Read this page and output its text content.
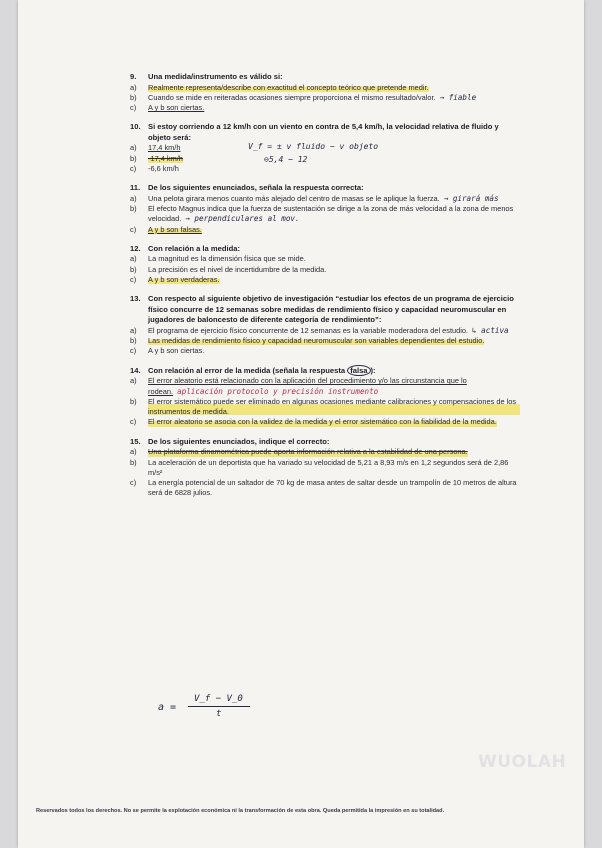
9.	Una medida/instrumento es válido si:
a)	Realmente representa/describe con exactitud el concepto teórico que pretende medir.
b)	Cuando se mide en reiteradas ocasiones siempre proporciona el mismo resultado/valor. → fiable
c)	A y b son ciertas.
10. Si estoy corriendo a 12 km/h con un viento en contra de 5,4 km/h, la velocidad relativa de fluido y objeto será:
a)	17,4 km/h
b)	-17,4 km/h
c)	-6,6 km/h
V_f = ± v fluido − v objeto
⊖5,4 − 12
11.	De los siguientes enunciados, señala la respuesta correcta:
a)	Una pelota girara menos cuanto más alejado del centro de masas se le aplique la fuerza. → girará más
b)	El efecto Magnus indica que la fuerza de sustentación se dirige a la zona de más velocidad a la zona de menos velocidad. → perpendiculares al mov.
c)	A y b son falsas.
12. Con relación a la medida:
a)	La magnitud es la dimensión física que se mide.
b)	La precisión es el nivel de incertidumbre de la medida.
c)	A y b son verdaderas.
13. Con respecto al siguiente objetivo de investigación “estudiar los efectos de un programa de ejercicio físico concurre de 12 semanas sobre medidas de rendimiento físico y capacidad neuromuscular en jugadores de baloncesto de diferente categoría de rendimiento”:
a)	El programa de ejercicio físico concurrente de 12 semanas es la variable moderadora del estudio. ↳ activa
b)	Las medidas de rendimiento físico y capacidad neuromuscular son variables dependientes del estudio.
c)	A y b son ciertas.
14. Con relación al error de la medida (señala la respuesta falsa ):
a)	El error aleatorio está relacionado con la aplicación del procedimiento y/o las circunstancia que lo rodean. aplicación protocolo y precisión instrumento
b)	El error sistemático puede ser eliminado en algunas ocasiones mediante calibraciones y compensaciones de los instrumentos de medida.
c)	El error aleatorio se asocia con la validez de la medida y el error sistemático con la fiabilidad de la medida.
15. De los siguientes enunciados, indique el correcto:
a)	Una plataforma dinamométrica puede aporta información relativa a la estabilidad de una persona.
b)	La aceleración de un deportista que ha variado su velocidad de 5,21 a 8,93 m/s en 1,2 segundos será de 2,86 m/s²
c)	La energía potencial de un saltador de 70 kg de masa antes de saltar desde un trampolín de 10 metros de altura será de 6828 julios.
a =
V_f − V_0
t
WUOLAH
Reservados todos los derechos. No se permite la explotación económica ni la transformación de esta obra. Queda permitida la impresión en su totalidad.
